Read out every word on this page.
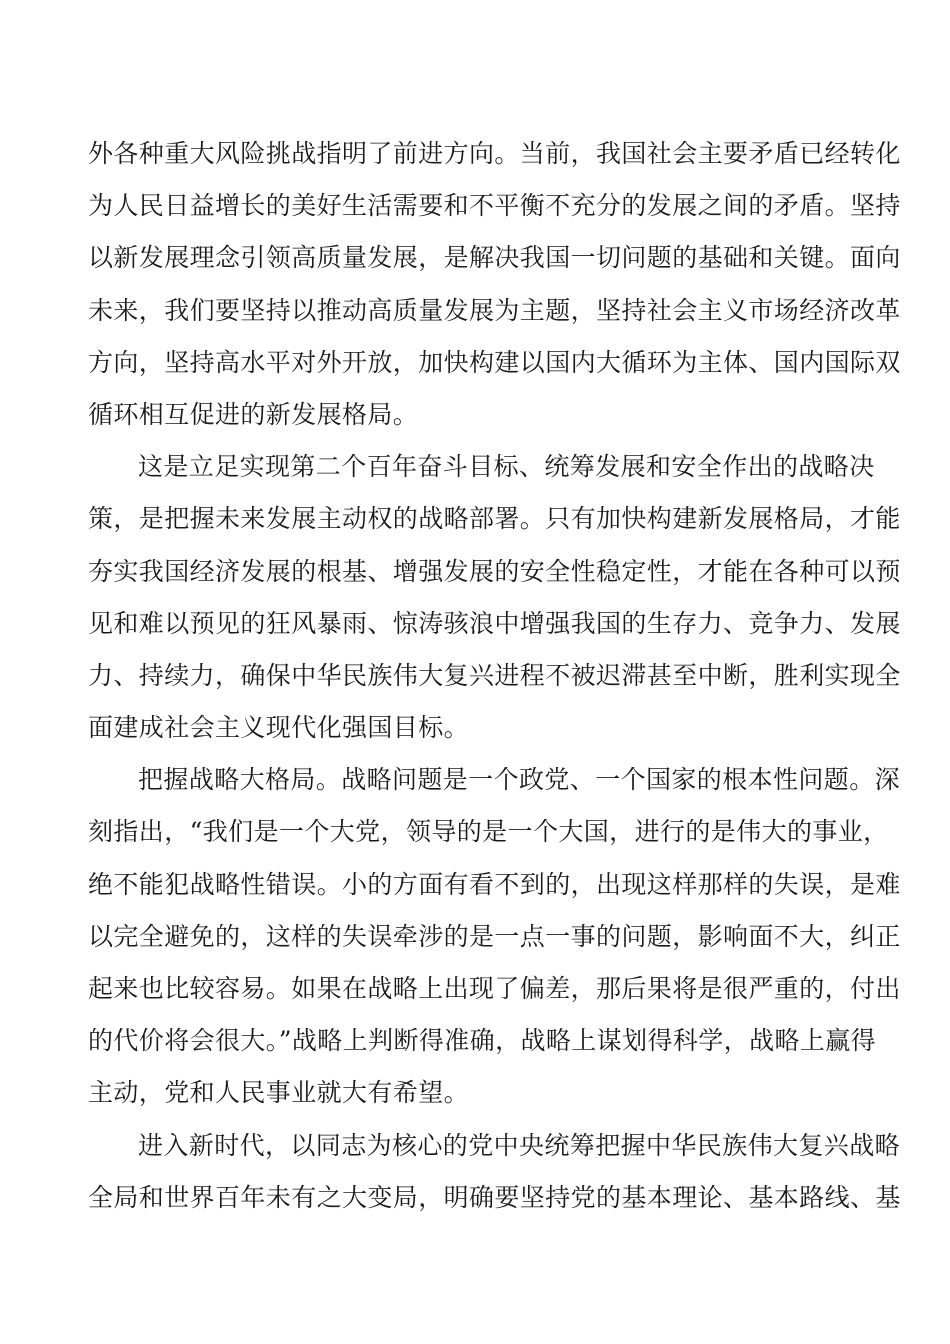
外各种重大风险挑战指明了前进方向。当前，我国社会主要矛盾已经转化
为人民日益增长的美好生活需要和不平衡不充分的发展之间的矛盾。坚持
以新发展理念引领高质量发展，是解决我国一切问题的基础和关键。面向
未来，我们要坚持以推动高质量发展为主题，坚持社会主义市场经济改革
方向，坚持高水平对外开放，加快构建以国内大循环为主体、国内国际双
循环相互促进的新发展格局。
这是立足实现第二个百年奋斗目标、统筹发展和安全作出的战略决
策，是把握未来发展主动权的战略部署。只有加快构建新发展格局，才能
夯实我国经济发展的根基、增强发展的安全性稳定性，才能在各种可以预
见和难以预见的狂风暴雨、惊涛骇浪中增强我国的生存力、竞争力、发展
力、持续力，确保中华民族伟大复兴进程不被迟滞甚至中断，胜利实现全
面建成社会主义现代化强国目标。
把握战略大格局。战略问题是一个政党、一个国家的根本性问题。深
刻指出，“我们是一个大党，领导的是一个大国，进行的是伟大的事业，
绝不能犯战略性错误。小的方面有看不到的，出现这样那样的失误，是难
以完全避免的，这样的失误牵涉的是一点一事的问题，影响面不大，纠正
起来也比较容易。如果在战略上出现了偏差，那后果将是很严重的，付出
的代价将会很大。”战略上判断得准确，战略上谋划得科学，战略上赢得
主动，党和人民事业就大有希望。
进入新时代，以同志为核心的党中央统筹把握中华民族伟大复兴战略
全局和世界百年未有之大变局，明确要坚持党的基本理论、基本路线、基
